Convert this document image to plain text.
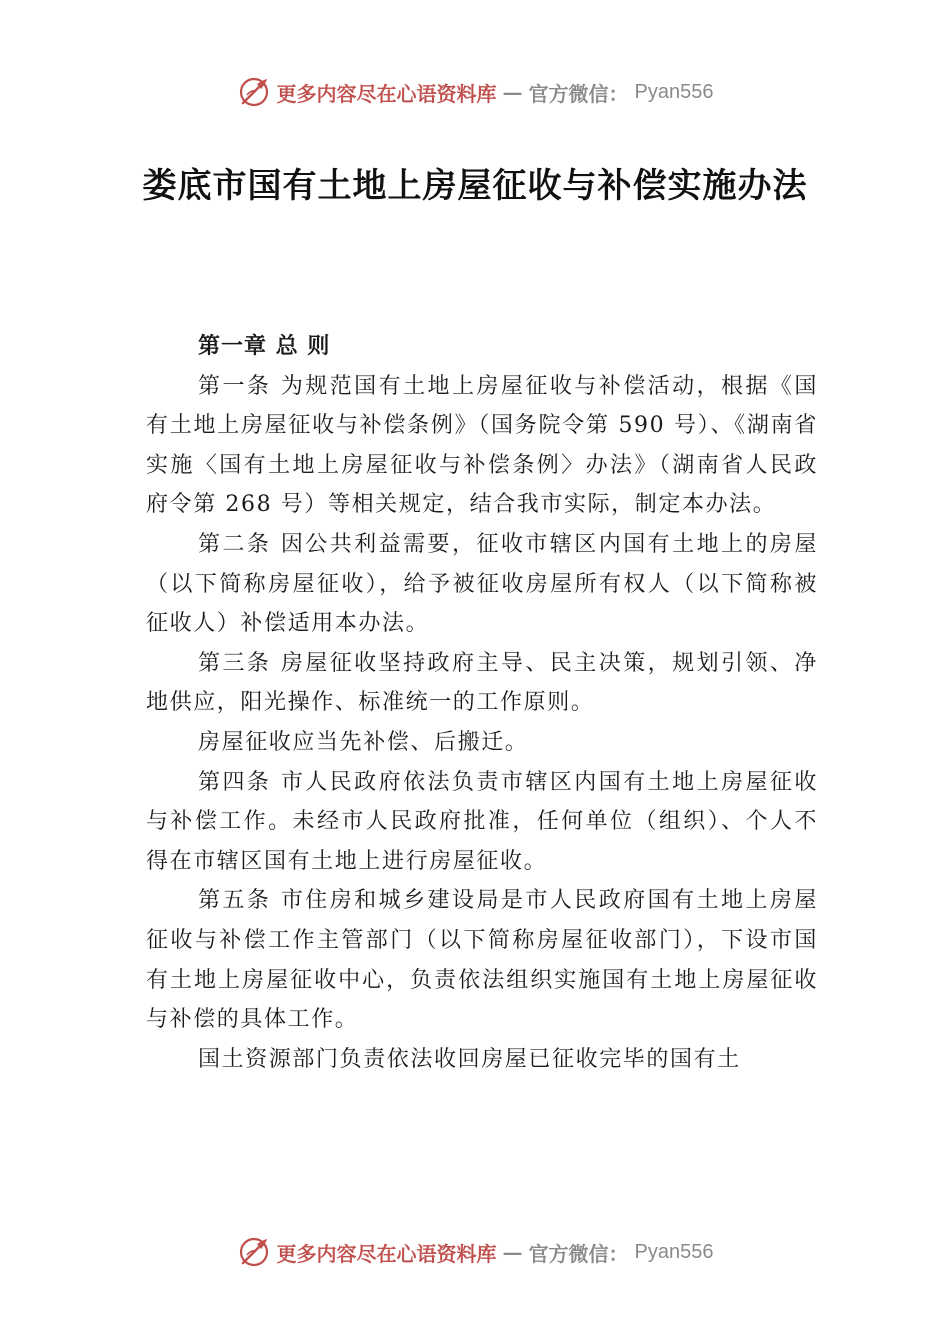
更多内容尽在心语资料库 — 官方微信： Pyan556
娄底市国有土地上房屋征收与补偿实施办法

第一章 总 则

第一条 为规范国有土地上房屋征收与补偿活动，根据《国有土地上房屋征收与补偿条例》（国务院令第 590 号）、《湖南省实施〈国有土地上房屋征收与补偿条例〉办法》（湖南省人民政府令第 268 号）等相关规定，结合我市实际，制定本办法。

第二条 因公共利益需要，征收市辖区内国有土地上的房屋（以下简称房屋征收），给予被征收房屋所有权人（以下简称被征收人）补偿适用本办法。

第三条 房屋征收坚持政府主导、民主决策，规划引领、净地供应，阳光操作、标准统一的工作原则。

房屋征收应当先补偿、后搬迁。

第四条 市人民政府依法负责市辖区内国有土地上房屋征收与补偿工作。未经市人民政府批准，任何单位（组织）、个人不得在市辖区国有土地上进行房屋征收。

第五条 市住房和城乡建设局是市人民政府国有土地上房屋征收与补偿工作主管部门（以下简称房屋征收部门），下设市国有土地上房屋征收中心，负责依法组织实施国有土地上房屋征收与补偿的具体工作。

国土资源部门负责依法收回房屋已征收完毕的国有土

更多内容尽在心语资料库 — 官方微信： Pyan556
